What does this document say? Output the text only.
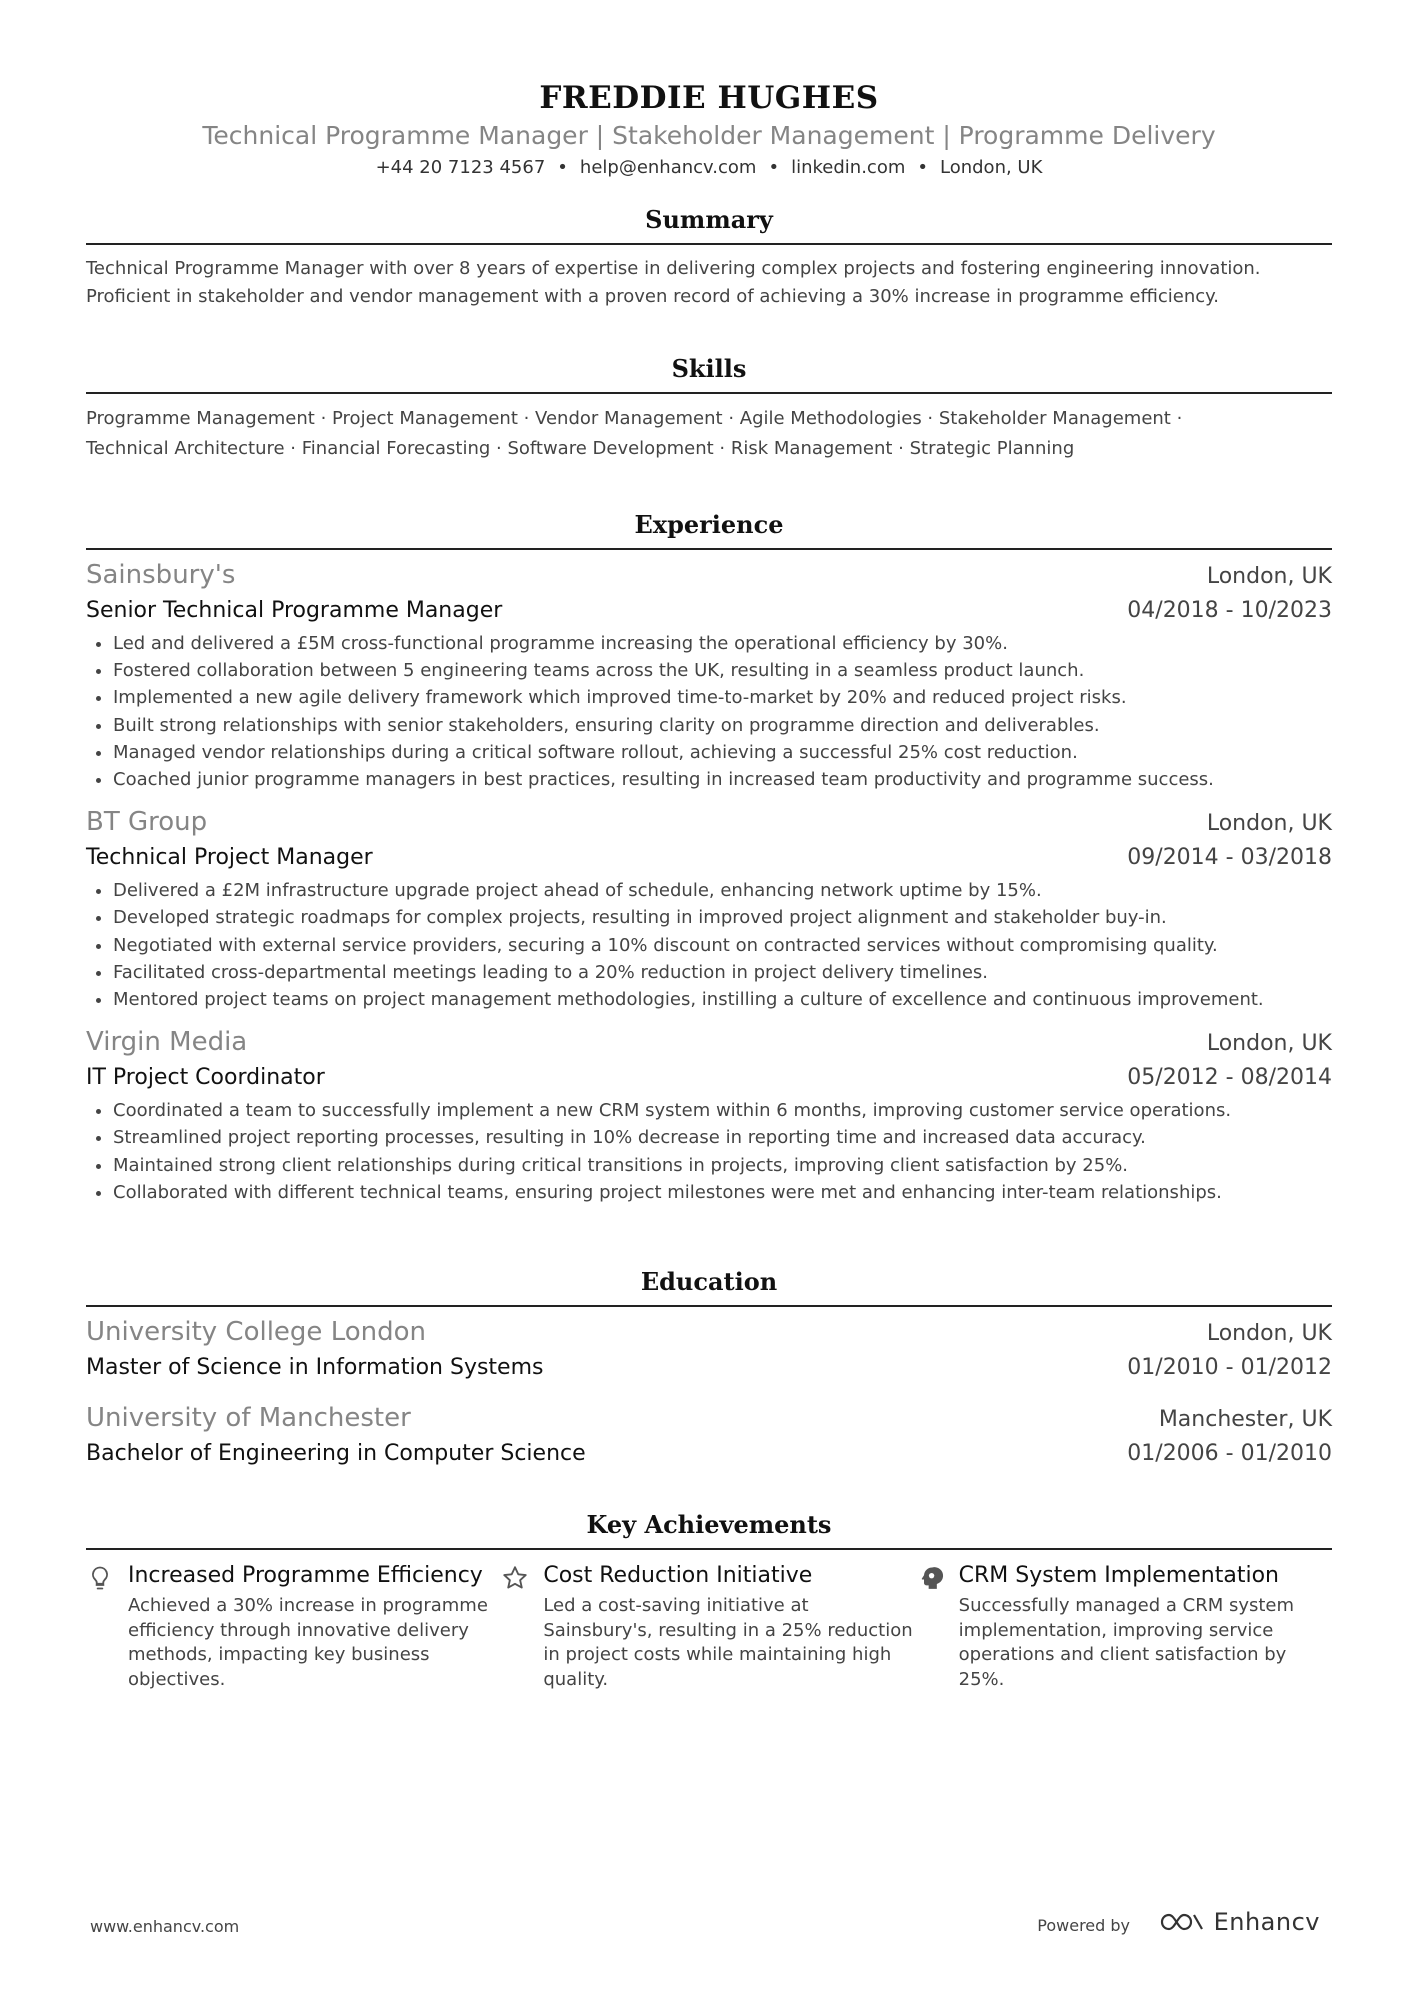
FREDDIE HUGHES
Technical Programme Manager | Stakeholder Management | Programme Delivery
+44 20 7123 4567 • help@enhancv.com • linkedin.com • London, UK
Summary
Technical Programme Manager with over 8 years of expertise in delivering complex projects and fostering engineering innovation. Proficient in stakeholder and vendor management with a proven record of achieving a 30% increase in programme efficiency.
Skills
Programme Management · Project Management · Vendor Management · Agile Methodologies · Stakeholder Management ·
Technical Architecture · Financial Forecasting · Software Development · Risk Management · Strategic Planning
Experience
Sainsbury's	London, UK
Senior Technical Programme Manager	04/2018 - 10/2023
• Led and delivered a £5M cross-functional programme increasing the operational efficiency by 30%.
• Fostered collaboration between 5 engineering teams across the UK, resulting in a seamless product launch.
• Implemented a new agile delivery framework which improved time-to-market by 20% and reduced project risks.
• Built strong relationships with senior stakeholders, ensuring clarity on programme direction and deliverables.
• Managed vendor relationships during a critical software rollout, achieving a successful 25% cost reduction.
• Coached junior programme managers in best practices, resulting in increased team productivity and programme success.
BT Group	London, UK
Technical Project Manager	09/2014 - 03/2018
• Delivered a £2M infrastructure upgrade project ahead of schedule, enhancing network uptime by 15%.
• Developed strategic roadmaps for complex projects, resulting in improved project alignment and stakeholder buy-in.
• Negotiated with external service providers, securing a 10% discount on contracted services without compromising quality.
• Facilitated cross-departmental meetings leading to a 20% reduction in project delivery timelines.
• Mentored project teams on project management methodologies, instilling a culture of excellence and continuous improvement.
Virgin Media	London, UK
IT Project Coordinator	05/2012 - 08/2014
• Coordinated a team to successfully implement a new CRM system within 6 months, improving customer service operations.
• Streamlined project reporting processes, resulting in 10% decrease in reporting time and increased data accuracy.
• Maintained strong client relationships during critical transitions in projects, improving client satisfaction by 25%.
• Collaborated with different technical teams, ensuring project milestones were met and enhancing inter-team relationships.
Education
University College London	London, UK
Master of Science in Information Systems	01/2010 - 01/2012
University of Manchester	Manchester, UK
Bachelor of Engineering in Computer Science	01/2006 - 01/2010
Key Achievements
Increased Programme Efficiency
Achieved a 30% increase in programme efficiency through innovative delivery methods, impacting key business objectives.
Cost Reduction Initiative
Led a cost-saving initiative at Sainsbury's, resulting in a 25% reduction in project costs while maintaining high quality.
CRM System Implementation
Successfully managed a CRM system implementation, improving service operations and client satisfaction by 25%.
www.enhancv.com	Powered by	Enhancv
